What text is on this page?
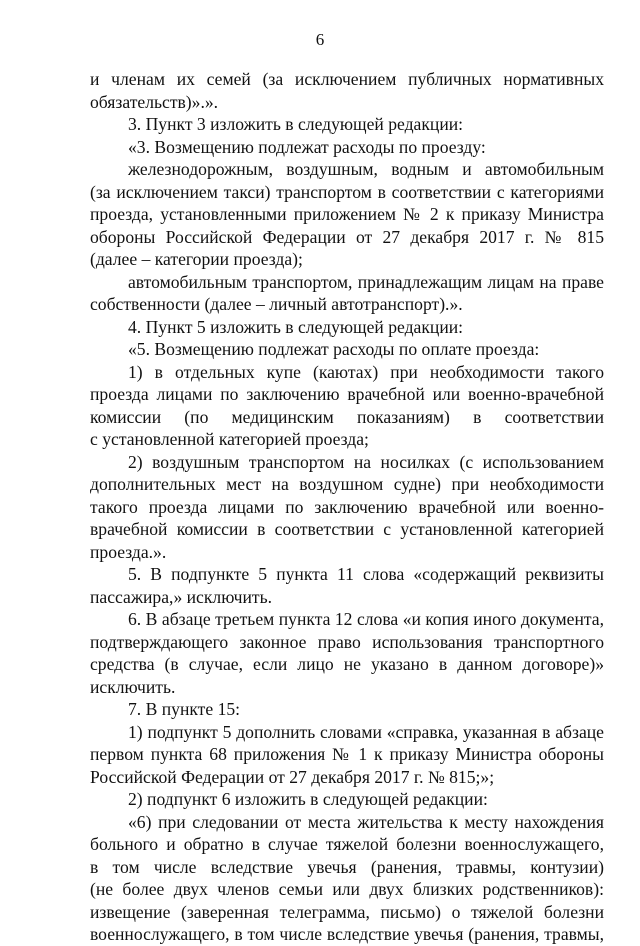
6
и членам их семей (за исключением публичных нормативных
обязательств)».».
3. Пункт 3 изложить в следующей редакции:
«3. Возмещению подлежат расходы по проезду:
железнодорожным, воздушным, водным и автомобильным
(за исключением такси) транспортом в соответствии с категориями
проезда, установленными приложением № 2 к приказу Министра
обороны Российской Федерации от 27 декабря 2017 г. № 815
(далее – категории проезда);
автомобильным транспортом, принадлежащим лицам на праве
собственности (далее – личный автотранспорт).».
4. Пункт 5 изложить в следующей редакции:
«5. Возмещению подлежат расходы по оплате проезда:
1) в отдельных купе (каютах) при необходимости такого
проезда лицами по заключению врачебной или военно-врачебной
комиссии (по медицинским показаниям) в соответствии
с установленной категорией проезда;
2) воздушным транспортом на носилках (с использованием
дополнительных мест на воздушном судне) при необходимости
такого проезда лицами по заключению врачебной или военно-
врачебной комиссии в соответствии с установленной категорией
проезда.».
5. В подпункте 5 пункта 11 слова «содержащий реквизиты
пассажира,» исключить.
6. В абзаце третьем пункта 12 слова «и копия иного документа,
подтверждающего законное право использования транспортного
средства (в случае, если лицо не указано в данном договоре)»
исключить.
7. В пункте 15:
1) подпункт 5 дополнить словами «справка, указанная в абзаце
первом пункта 68 приложения № 1 к приказу Министра обороны
Российской Федерации от 27 декабря 2017 г. № 815;»;
2) подпункт 6 изложить в следующей редакции:
«6) при следовании от места жительства к месту нахождения
больного и обратно в случае тяжелой болезни военнослужащего,
в том числе вследствие увечья (ранения, травмы, контузии)
(не более двух членов семьи или двух близких родственников):
извещение (заверенная телеграмма, письмо) о тяжелой болезни
военнослужащего, в том числе вследствие увечья (ранения, травмы,
